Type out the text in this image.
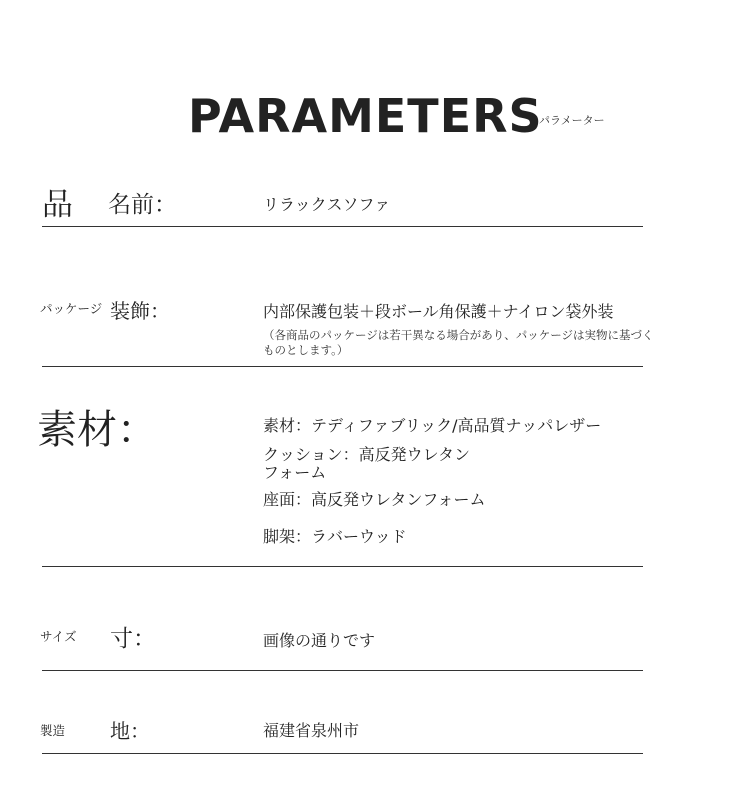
PARAMETERS
パラメーター
品 名前：	リラックスソファ
パッケージ 装飾：	内部保護包装＋段ボール角保護＋ナイロン袋外装
（各商品のパッケージは若干異なる場合があり、パッケージは実物に基づくものとします。）
素材：	素材：テディファブリック/高品質ナッパレザー
クッション：高反発ウレタン
フォーム
座面：高反発ウレタンフォーム
脚架：ラバーウッド
サイズ 寸：	画像の通りです
製造 地：	福建省泉州市
